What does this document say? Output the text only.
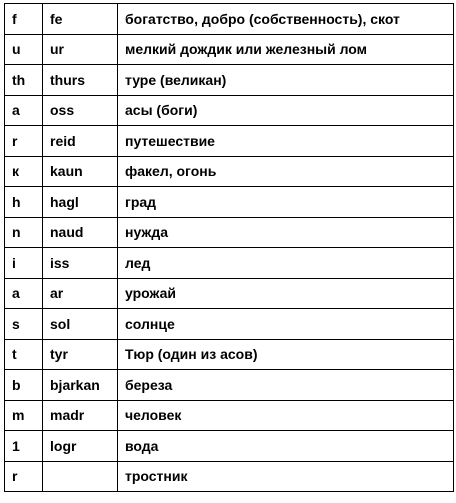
f	fe	богатство, добро (собственность), скот
u	ur	мелкий дождик или железный лом
th	thurs	туре (великан)
a	oss	асы (боги)
r	reid	путешествие
к	kaun	факел, огонь
h	hagl	град
n	naud	нужда
i	iss	лед
a	ar	урожай
s	sol	солнце
t	tyr	Тюр (один из асов)
b	bjarkan	береза
m	madr	человек
1	logr	вода
r		тростник
